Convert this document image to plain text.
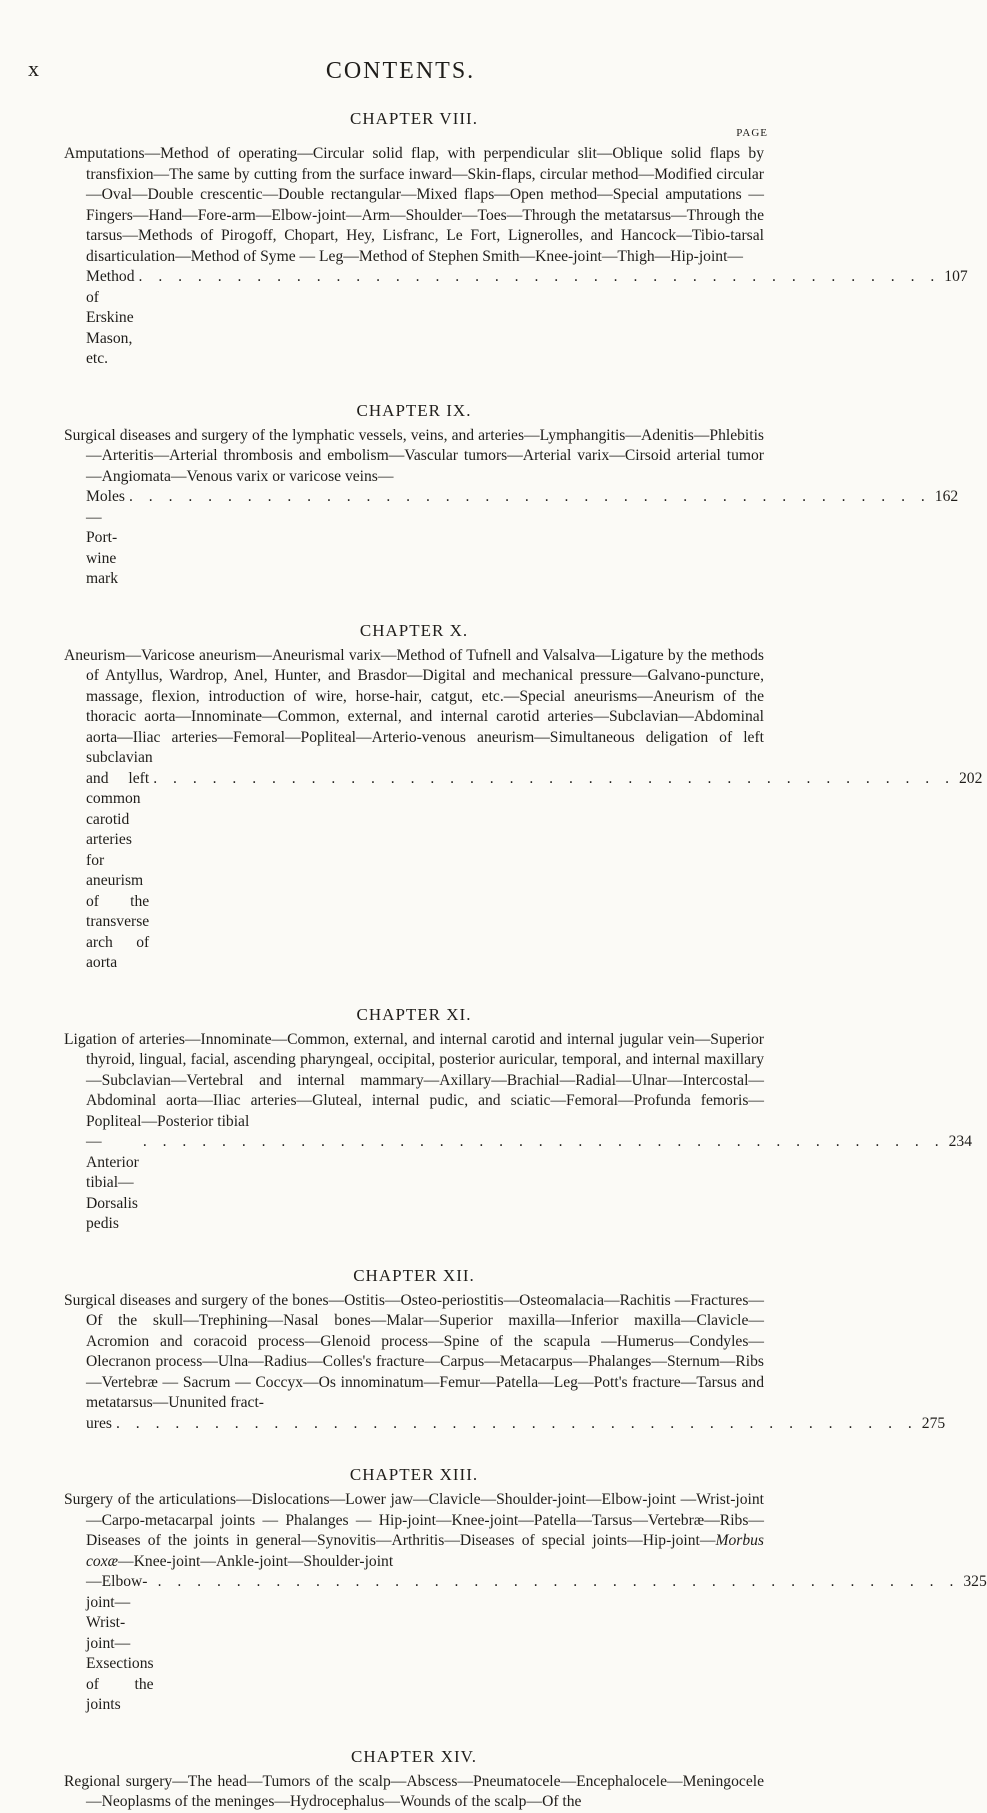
x	CONTENTS.
CHAPTER VIII.
PAGE
Amputations—Method of operating—Circular solid flap, with perpendicular slit—Oblique solid flaps by transfixion—The same by cutting from the surface inward—Skin-flaps, circular method—Modified circular—Oval—Double crescentic—Double rectangular—Mixed flaps—Open method—Special amputations — Fingers—Hand—Fore-arm—Elbow-joint—Arm—Shoulder—Toes—Through the metatarsus—Through the tarsus—Methods of Pirogoff, Chopart, Hey, Lisfranc, Le Fort, Lignerolles, and Hancock—Tibio-tarsal disarticulation—Method of Syme — Leg—Method of Stephen Smith—Knee-joint—Thigh—Hip-joint—
Method of Erskine Mason, etc.
. . . . . . . . . . . . . . . . . . . . . . . . . . . . . . . . . . . . . . . . . 107
CHAPTER IX.
Surgical diseases and surgery of the lymphatic vessels, veins, and arteries—Lymphangitis—Adenitis—Phlebitis—Arteritis—Arterial thrombosis and embolism—Vascular tumors—Arterial varix—Cirsoid arterial tumor—Angiomata—Venous varix or varicose veins—
Moles—Port-wine mark
. . . . . . . . . . . . . . . . . . . . . . . . . . . . . . . . . . . . . . . . . 162
CHAPTER X.
Aneurism—Varicose aneurism—Aneurismal varix—Method of Tufnell and Valsalva—Ligature by the methods of Antyllus, Wardrop, Anel, Hunter, and Brasdor—Digital and mechanical pressure—Galvano-puncture, massage, flexion, introduction of wire, horse-hair, catgut, etc.—Special aneurisms—Aneurism of the thoracic aorta—Innominate—Common, external, and internal carotid arteries—Subclavian—Abdominal aorta—Iliac arteries—Femoral—Popliteal—Arterio-venous aneurism—Simultaneous deligation of left subclavian
and left common carotid arteries for aneurism of the transverse arch of aorta
. . . . . . . . . . . . . . . . . . . . . . . . . . . . . . . . . . . . . . . . . 202
CHAPTER XI.
Ligation of arteries—Innominate—Common, external, and internal carotid and internal jugular vein—Superior thyroid, lingual, facial, ascending pharyngeal, occipital, posterior auricular, temporal, and internal maxillary—Subclavian—Vertebral and internal mammary—Axillary—Brachial—Radial—Ulnar—Intercostal—Abdominal aorta—Iliac arteries—Gluteal, internal pudic, and sciatic—Femoral—Profunda femoris—Popliteal—Posterior tibial
—Anterior tibial—Dorsalis pedis
. . . . . . . . . . . . . . . . . . . . . . . . . . . . . . . . . . . . . . . . . 234
CHAPTER XII.
Surgical diseases and surgery of the bones—Ostitis—Osteo-periostitis—Osteomalacia—Rachitis —Fractures—Of the skull—Trephining—Nasal bones—Malar—Superior maxilla—Inferior maxilla—Clavicle—Acromion and coracoid process—Glenoid process—Spine of the scapula —Humerus—Condyles—Olecranon process—Ulna—Radius—Colles's fracture—Carpus—Metacarpus—Phalanges—Sternum—Ribs—Vertebræ — Sacrum — Coccyx—Os innominatum—Femur—Patella—Leg—Pott's fracture—Tarsus and metatarsus—Ununited fract-
ures . . . . . . . . . . . . . . . . . . . . . . . . . . . . . . . . . . . . . . . . . 275
CHAPTER XIII.
Surgery of the articulations—Dislocations—Lower jaw—Clavicle—Shoulder-joint—Elbow-joint —Wrist-joint—Carpo-metacarpal joints — Phalanges — Hip-joint—Knee-joint—Patella—Tarsus—Vertebræ—Ribs—Diseases of the joints in general—Synovitis—Arthritis—Diseases of special joints—Hip-joint—Morbus coxæ—Knee-joint—Ankle-joint—Shoulder-joint
—Elbow-joint—Wrist-joint—Exsections of the joints
. . . . . . . . . . . . . . . . . . . . . . . . . . . . . . . . . . . . . . . . . 325
CHAPTER XIV.
Regional surgery—The head—Tumors of the scalp—Abscess—Pneumatocele—Encephalocele—Meningocele—Neoplasms of the meninges—Hydrocephalus—Wounds of the scalp—Of the
